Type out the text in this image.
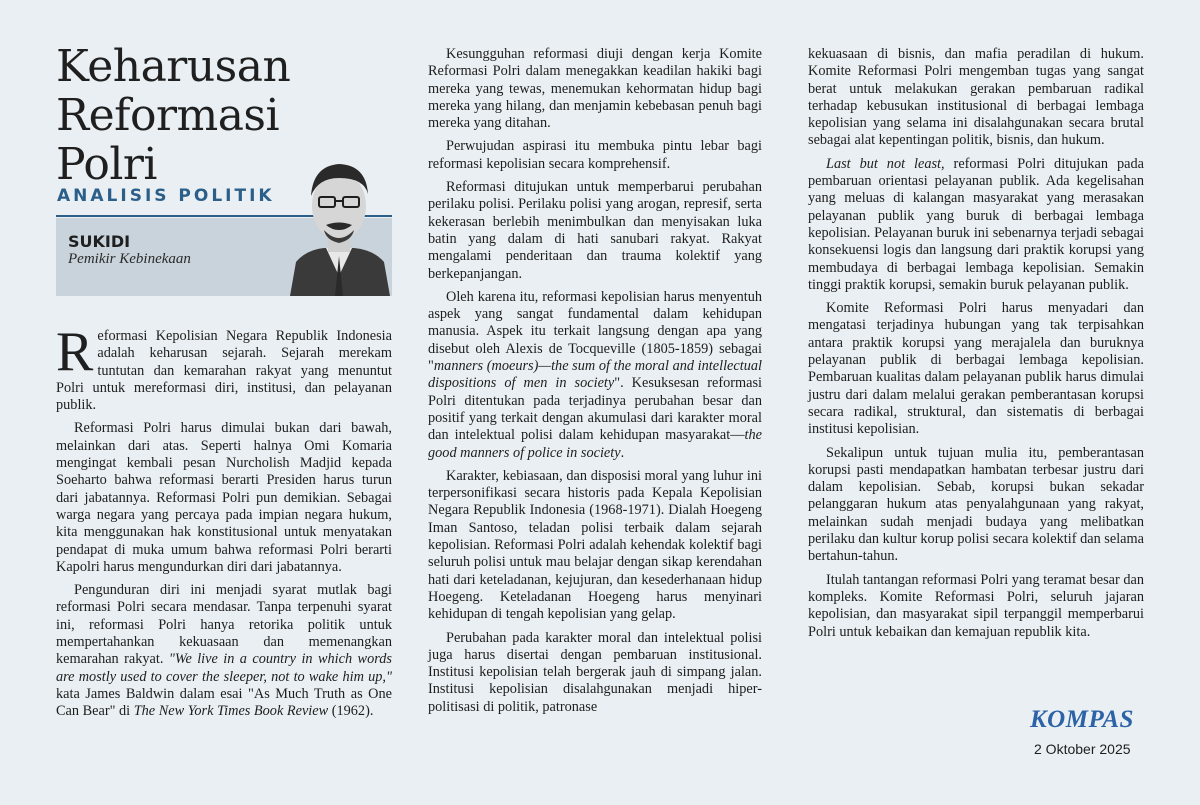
Keharusan Reformasi Polri
ANALISIS POLITIK
SUKIDI
Pemikir Kebinekaan

Reformasi Kepolisian Negara Republik Indonesia adalah keharusan sejarah. Sejarah merekam tuntutan dan kemarahan rakyat yang menuntut Polri untuk mereformasi diri, institusi, dan pelayanan publik.

Reformasi Polri harus dimulai bukan dari bawah, melainkan dari atas. Seperti halnya Omi Komaria mengingat kembali pesan Nurcholish Madjid kepada Soeharto bahwa reformasi berarti Presiden harus turun dari jabatannya. Reformasi Polri pun demikian. Sebagai warga negara yang percaya pada impian negara hukum, kita menggunakan hak konstitusional untuk menyatakan pendapat di muka umum bahwa reformasi Polri berarti Kapolri harus mengundurkan diri dari jabatannya.

Pengunduran diri ini menjadi syarat mutlak bagi reformasi Polri secara mendasar. Tanpa terpenuhi syarat ini, reformasi Polri hanya retorika politik untuk mempertahankan kekuasaan dan memenangkan kemarahan rakyat. "We live in a country in which words are mostly used to cover the sleeper, not to wake him up," kata James Baldwin dalam esai "As Much Truth as One Can Bear" di The New York Times Book Review (1962).

Kesungguhan reformasi diuji dengan kerja Komite Reformasi Polri dalam menegakkan keadilan hakiki bagi mereka yang tewas, menemukan kehormatan hidup bagi mereka yang hilang, dan menjamin kebebasan penuh bagi mereka yang ditahan.

Perwujudan aspirasi itu membuka pintu lebar bagi reformasi kepolisian secara komprehensif.

Reformasi ditujukan untuk memperbarui perubahan perilaku polisi. Perilaku polisi yang arogan, represif, serta kekerasan berlebih menimbulkan dan menyisakan luka batin yang dalam di hati sanubari rakyat. Rakyat mengalami penderitaan dan trauma kolektif yang berkepanjangan.

Oleh karena itu, reformasi kepolisian harus menyentuh aspek yang sangat fundamental dalam kehidupan manusia. Aspek itu terkait langsung dengan apa yang disebut oleh Alexis de Tocqueville (1805-1859) sebagai "manners (moeurs)—the sum of the moral and intellectual dispositions of men in society". Kesuksesan reformasi Polri ditentukan pada terjadinya perubahan besar dan positif yang terkait dengan akumulasi dari karakter moral dan intelektual polisi dalam kehidupan masyarakat—the good manners of police in society.

Karakter, kebiasaan, dan disposisi moral yang luhur ini terpersonifikasi secara historis pada Kepala Kepolisian Negara Republik Indonesia (1968-1971). Dialah Hoegeng Iman Santoso, teladan polisi terbaik dalam sejarah kepolisian. Reformasi Polri adalah kehendak kolektif bagi seluruh polisi untuk mau belajar dengan sikap kerendahan hati dari keteladanan, kejujuran, dan kesederhanaan hidup Hoegeng. Keteladanan Hoegeng harus menyinari kehidupan di tengah kepolisian yang gelap.

Perubahan pada karakter moral dan intelektual polisi juga harus disertai dengan pembaruan institusional. Institusi kepolisian telah bergerak jauh di simpang jalan. Institusi kepolisian disalahgunakan menjadi hiper-politisasi di politik, patronase

kekuasaan di bisnis, dan mafia peradilan di hukum. Komite Reformasi Polri mengemban tugas yang sangat berat untuk melakukan gerakan pembaruan radikal terhadap kebusukan institusional di berbagai lembaga kepolisian yang selama ini disalahgunakan secara brutal sebagai alat kepentingan politik, bisnis, dan hukum.

Last but not least, reformasi Polri ditujukan pada pembaruan orientasi pelayanan publik. Ada kegelisahan yang meluas di kalangan masyarakat yang merasakan pelayanan publik yang buruk di berbagai lembaga kepolisian. Pelayanan buruk ini sebenarnya terjadi sebagai konsekuensi logis dan langsung dari praktik korupsi yang membudaya di berbagai lembaga kepolisian. Semakin tinggi praktik korupsi, semakin buruk pelayanan publik.

Komite Reformasi Polri harus menyadari dan mengatasi terjadinya hubungan yang tak terpisahkan antara praktik korupsi yang merajalela dan buruknya pelayanan publik di berbagai lembaga kepolisian. Pembaruan kualitas dalam pelayanan publik harus dimulai justru dari dalam melalui gerakan pemberantasan korupsi secara radikal, struktural, dan sistematis di berbagai institusi kepolisian.

Sekalipun untuk tujuan mulia itu, pemberantasan korupsi pasti mendapatkan hambatan terbesar justru dari dalam kepolisian. Sebab, korupsi bukan sekadar pelanggaran hukum atas penyalahgunaan yang rakyat, melainkan sudah menjadi budaya yang melibatkan perilaku dan kultur korup polisi secara kolektif dan selama bertahun-tahun.

Itulah tantangan reformasi Polri yang teramat besar dan kompleks. Komite Reformasi Polri, seluruh jajaran kepolisian, dan masyarakat sipil terpanggil memperbarui Polri untuk kebaikan dan kemajuan republik kita.

KOMPAS
2 Oktober 2025
